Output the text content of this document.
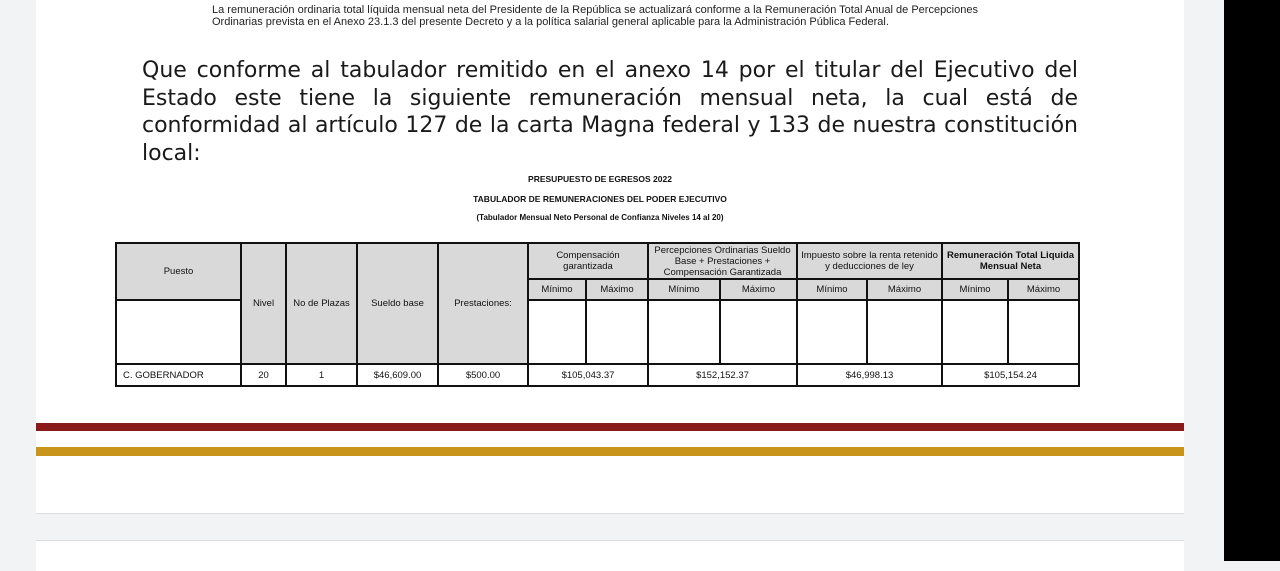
La remuneración ordinaria total líquida mensual neta del Presidente de la República se actualizará conforme a la Remuneración Total Anual de Percepciones
Ordinarias prevista en el Anexo 23.1.3 del presente Decreto y a la política salarial general aplicable para la Administración Pública Federal.
Que conforme al tabulador remitido en el anexo 14 por el titular del Ejecutivo del
Estado este tiene la siguiente remuneración mensual neta, la cual está de
conformidad al artículo 127 de la carta Magna federal y 133 de nuestra constitución
local:
PRESUPUESTO DE EGRESOS 2022
TABULADOR DE REMUNERACIONES DEL PODER EJECUTIVO
(Tabulador Mensual Neto Personal de Confianza Niveles 14 al 20)
Puesto	Nivel	No de Plazas	Sueldo base	Prestaciones:	Compensación garantizada		Percepciones Ordinarias Sueldo Base + Prestaciones + Compensación Garantizada		Impuesto sobre la renta retenido y deducciones de ley		Remuneración Total Liquida Mensual Neta	
					Mínimo	Máximo	Mínimo	Máximo	Mínimo	Máximo	Mínimo	Máximo

C. GOBERNADOR	20	1	$46,609.00	$500.00	$105,043.37		$152,152.37		$46,998.13		$105,154.24	
